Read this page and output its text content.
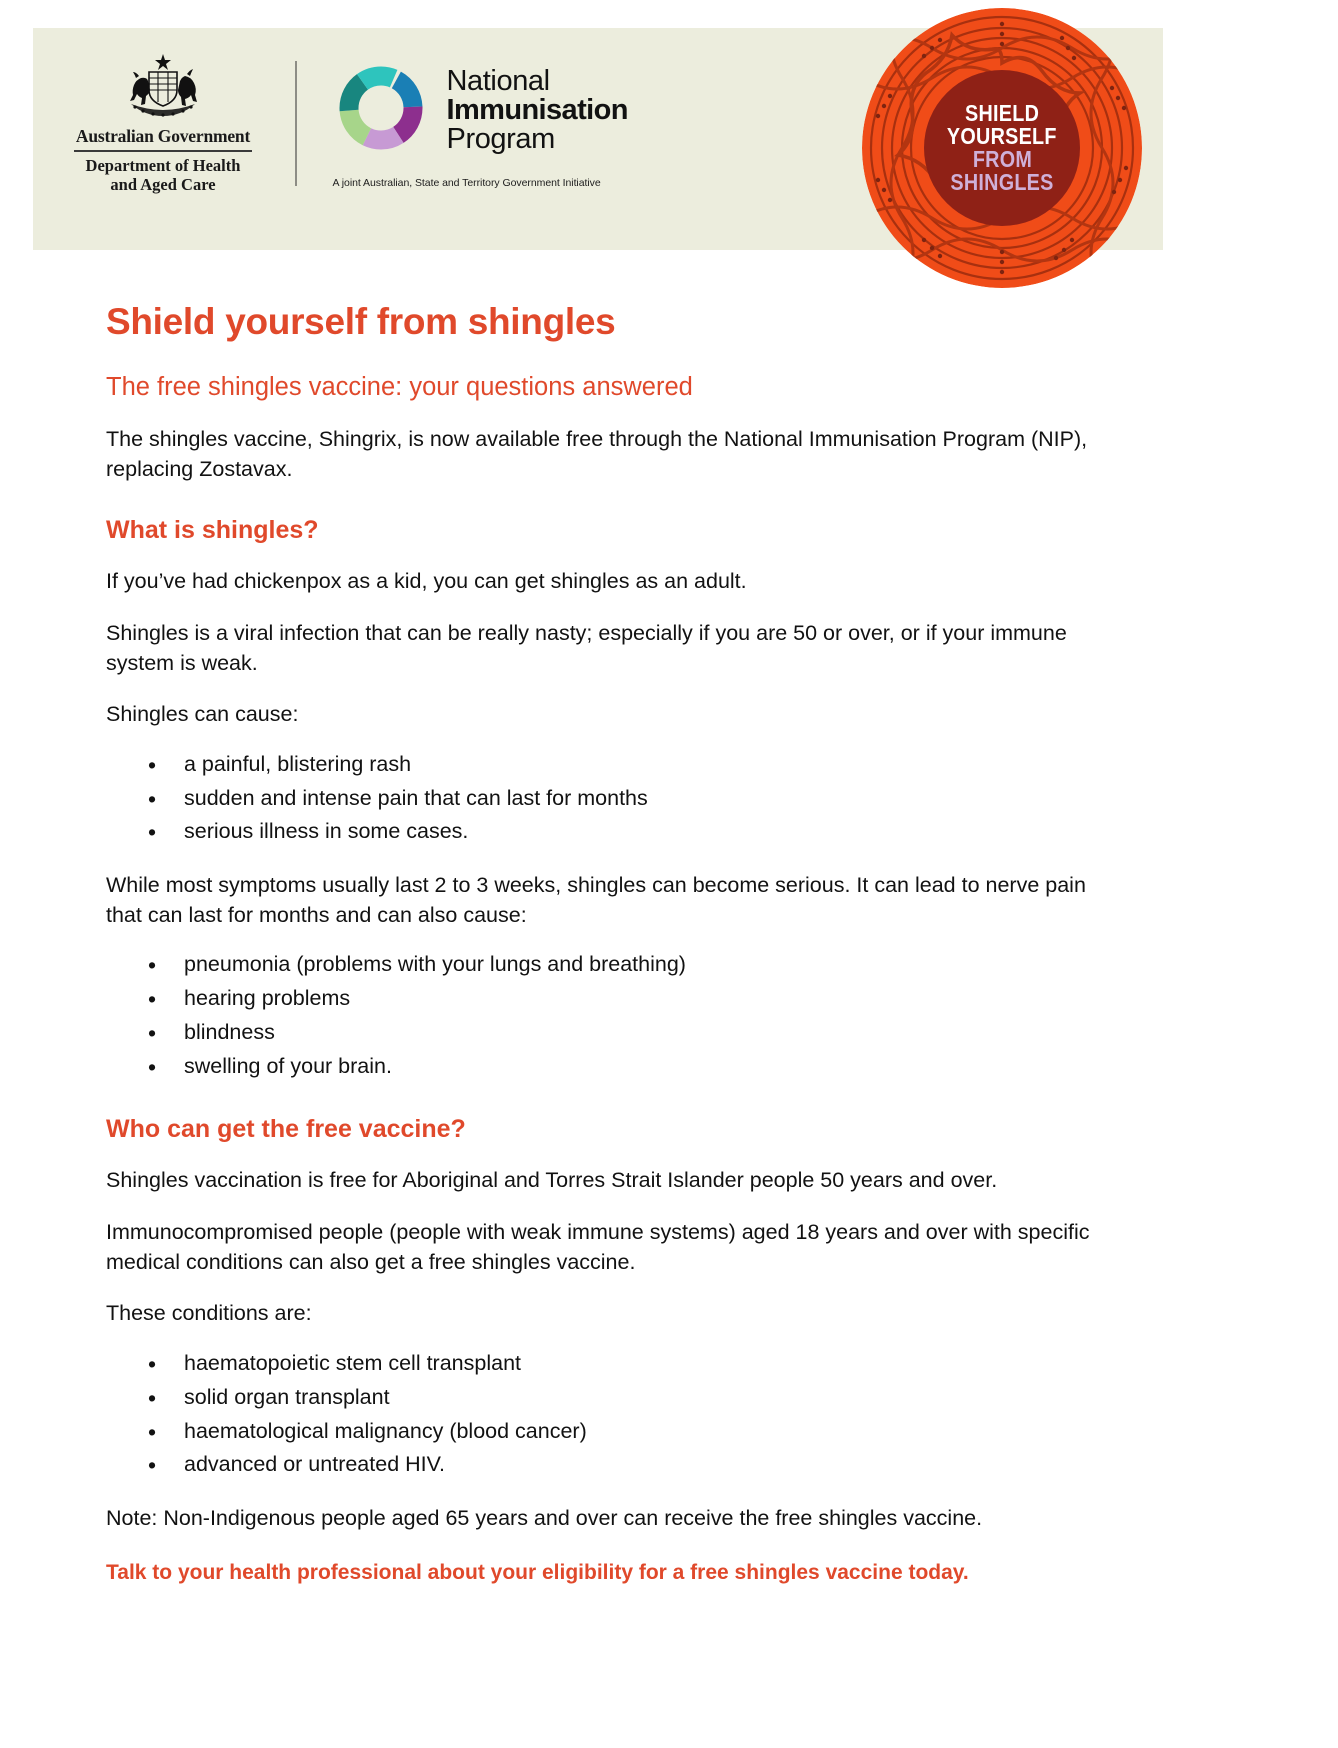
Australian Government
Department of Health
and Aged Care
National
Immunisation
Program
A joint Australian, State and Territory Government Initiative
SHIELD
YOURSELF
FROM
SHINGLES
Shield yourself from shingles
The free shingles vaccine: your questions answered

The shingles vaccine, Shingrix, is now available free through the National Immunisation Program (NIP), replacing Zostavax.

What is shingles?

If you’ve had chickenpox as a kid, you can get shingles as an adult.

Shingles is a viral infection that can be really nasty; especially if you are 50 or over, or if your immune system is weak.

Shingles can cause:

• a painful, blistering rash
• sudden and intense pain that can last for months
• serious illness in some cases.

While most symptoms usually last 2 to 3 weeks, shingles can become serious. It can lead to nerve pain that can last for months and can also cause:

• pneumonia (problems with your lungs and breathing)
• hearing problems
• blindness
• swelling of your brain.
Who can get the free vaccine?

Shingles vaccination is free for Aboriginal and Torres Strait Islander people 50 years and over.

Immunocompromised people (people with weak immune systems) aged 18 years and over with specific medical conditions can also get a free shingles vaccine.

These conditions are:

• haematopoietic stem cell transplant
• solid organ transplant
• haematological malignancy (blood cancer)
• advanced or untreated HIV.

Note: Non-Indigenous people aged 65 years and over can receive the free shingles vaccine.

Talk to your health professional about your eligibility for a free shingles vaccine today.
